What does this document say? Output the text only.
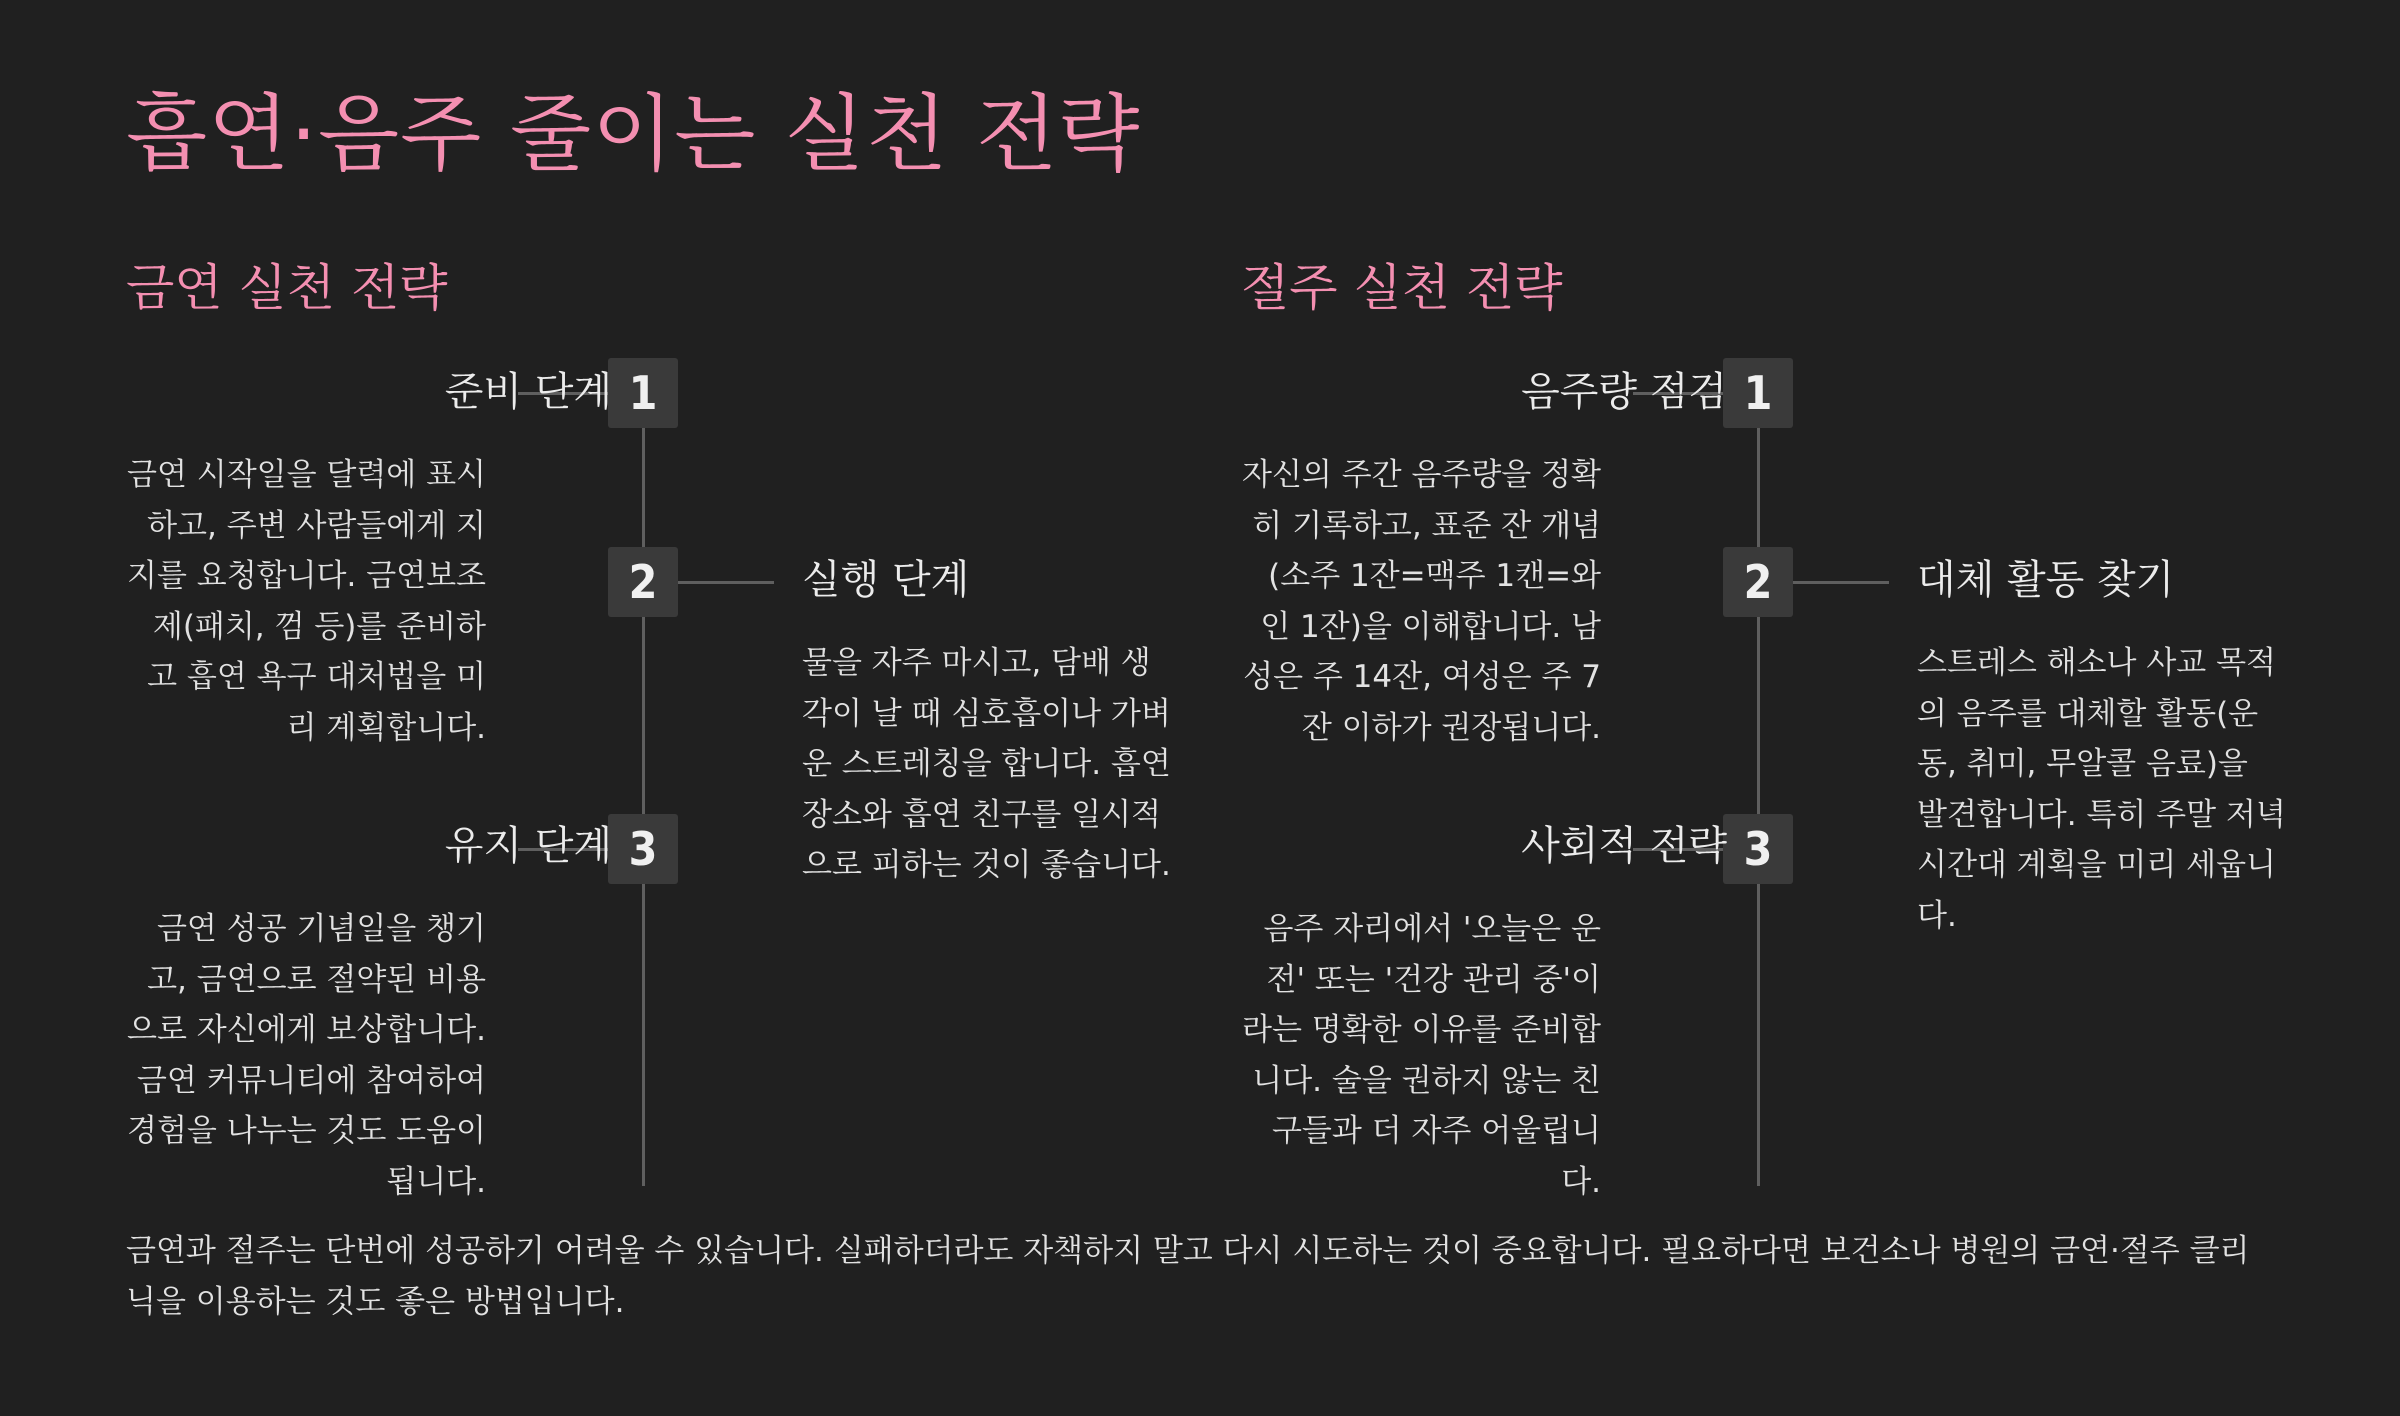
흡연·음주 줄이는 실천 전략
금연 실천 전략
1
준비 단계
금연 시작일을 달력에 표시하고, 주변 사람들에게 지지를 요청합니다. 금연보조제(패치, 껌 등)를 준비하고 흡연 욕구 대처법을 미리 계획합니다.
2	실행 단계
물을 자주 마시고, 담배 생각이 날 때 심호흡이나 가벼운 스트레칭을 합니다. 흡연 장소와 흡연 친구를 일시적으로 피하는 것이 좋습니다.
3
유지 단계
금연 성공 기념일을 챙기고, 금연으로 절약된 비용으로 자신에게 보상합니다. 금연 커뮤니티에 참여하여 경험을 나누는 것도 도움이 됩니다.
절주 실천 전략
1
음주량 점검
자신의 주간 음주량을 정확히 기록하고, 표준 잔 개념(소주 1잔=맥주 1캔=와인 1잔)을 이해합니다. 남성은 주 14잔, 여성은 주 7잔 이하가 권장됩니다.
2	대체 활동 찾기
스트레스 해소나 사교 목적의 음주를 대체할 활동(운동, 취미, 무알콜 음료)을 발견합니다. 특히 주말 저녁 시간대 계획을 미리 세웁니다.
3
사회적 전략
음주 자리에서 '오늘은 운전' 또는 '건강 관리 중'이라는 명확한 이유를 준비합니다. 술을 권하지 않는 친구들과 더 자주 어울립니다.
금연과 절주는 단번에 성공하기 어려울 수 있습니다. 실패하더라도 자책하지 말고 다시 시도하는 것이 중요합니다. 필요하다면 보건소나 병원의 금연·절주 클리닉을 이용하는 것도 좋은 방법입니다.
